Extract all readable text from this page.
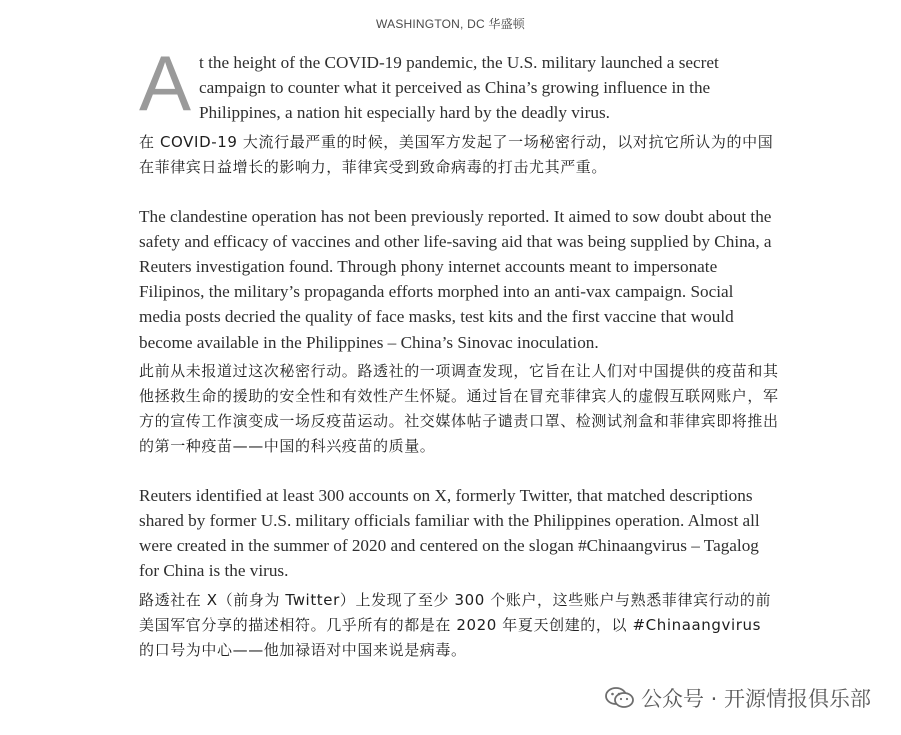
WASHINGTON, DC 华盛顿
A t the height of the COVID-19 pandemic, the U.S. military launched a secret campaign to counter what it perceived as China’s growing influence in the Philippines, a nation hit especially hard by the deadly virus.

在 COVID-19 大流行最严重的时候，美国军方发起了一场秘密行动，以对抗它所认为的中国在菲律宾日益增长的影响力，菲律宾受到致命病毒的打击尤其严重。

The clandestine operation has not been previously reported. It aimed to sow doubt about the safety and efficacy of vaccines and other life-saving aid that was being supplied by China, a Reuters investigation found. Through phony internet accounts meant to impersonate Filipinos, the military’s propaganda efforts morphed into an anti-vax campaign. Social media posts decried the quality of face masks, test kits and the first vaccine that would become available in the Philippines – China’s Sinovac inoculation.

此前从未报道过这次秘密行动。路透社的一项调查发现，它旨在让人们对中国提供的疫苗和其他拯救生命的援助的安全性和有效性产生怀疑。通过旨在冒充菲律宾人的虚假互联网账户，军方的宣传工作演变成一场反疫苗运动。社交媒体帖子谴责口罩、检测试剂盒和菲律宾即将推出的第一种疫苗——中国的科兴疫苗的质量。

Reuters identified at least 300 accounts on X, formerly Twitter, that matched descriptions shared by former U.S. military officials familiar with the Philippines operation. Almost all were created in the summer of 2020 and centered on the slogan #Chinaangvirus – Tagalog for China is the virus.

路透社在 X（前身为 Twitter）上发现了至少 300 个账户，这些账户与熟悉菲律宾行动的前美国军官分享的描述相符。几乎所有的都是在 2020 年夏天创建的，以 #Chinaangvirus 的口号为中心——他加禄语对中国来说是病毒。

公众号 · 开源情报俱乐部
